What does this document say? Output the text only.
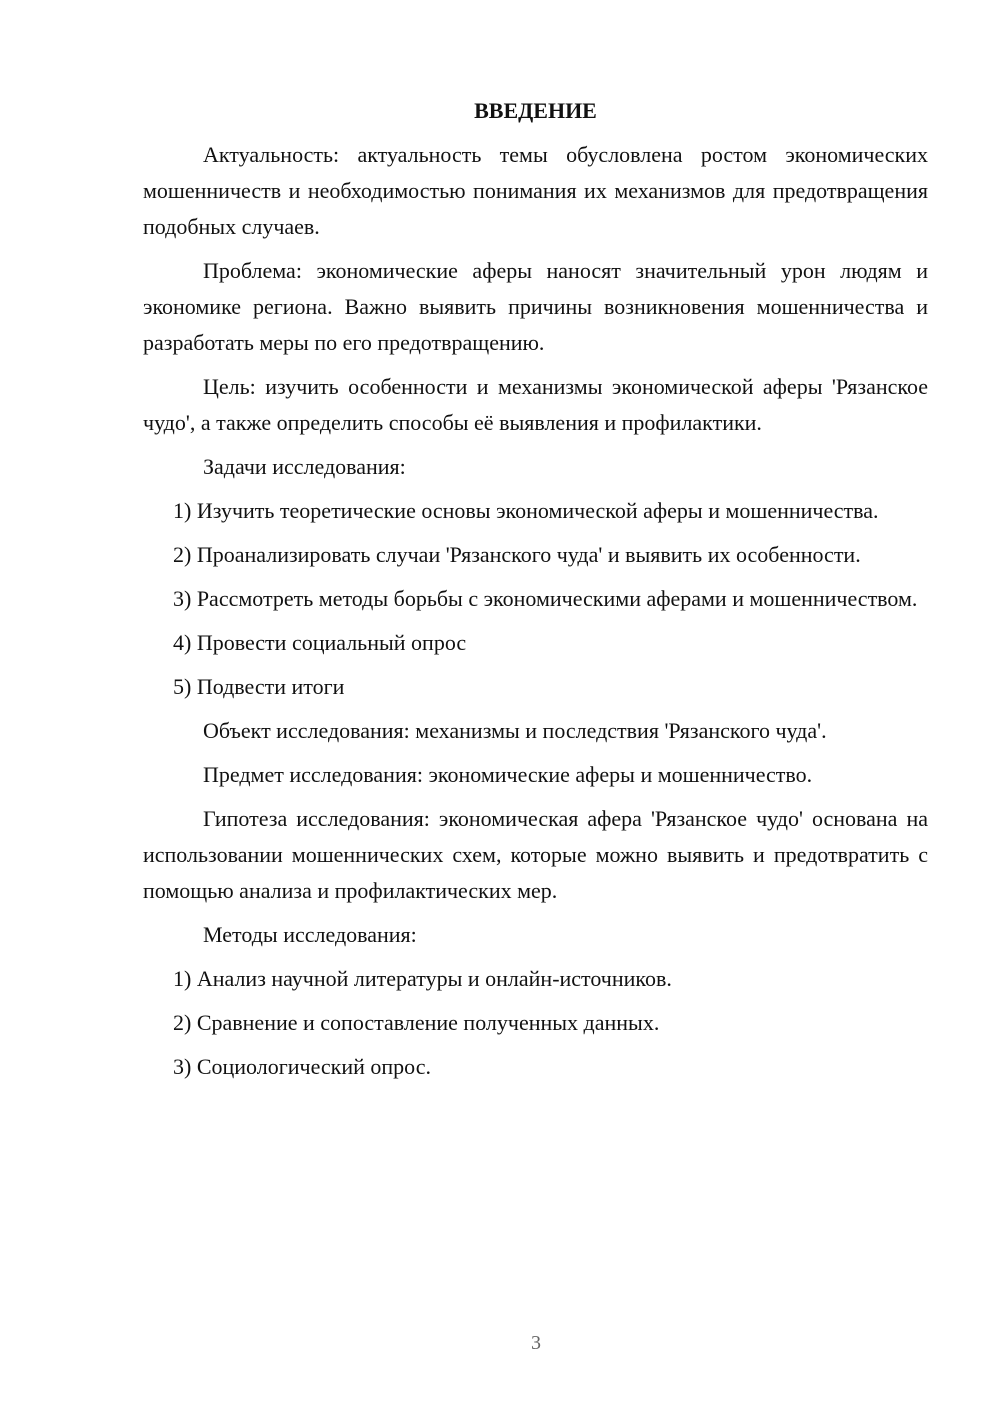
ВВЕДЕНИЕ

Актуальность: актуальность темы обусловлена ростом экономических мошенничеств и необходимостью понимания их механизмов для предотвращения подобных случаев.

Проблема: экономические аферы наносят значительный урон людям и экономике региона. Важно выявить причины возникновения мошенничества и разработать меры по его предотвращению.

Цель: изучить особенности и механизмы экономической аферы 'Рязанское чудо', а также определить способы её выявления и профилактики.

Задачи исследования:

1) Изучить теоретические основы экономической аферы и мошенничества.

2) Проанализировать случаи 'Рязанского чуда' и выявить их особенности.

3) Рассмотреть методы борьбы с экономическими аферами и мошенничеством.

4) Провести социальный опрос

5) Подвести итоги

Объект исследования: механизмы и последствия 'Рязанского чуда'.

Предмет исследования: экономические аферы и мошенничество.

Гипотеза исследования: экономическая афера 'Рязанское чудо' основана на использовании мошеннических схем, которые можно выявить и предотвратить с помощью анализа и профилактических мер.

Методы исследования:

1) Анализ научной литературы и онлайн-источников.

2) Сравнение и сопоставление полученных данных.

3) Социологический опрос.

3
